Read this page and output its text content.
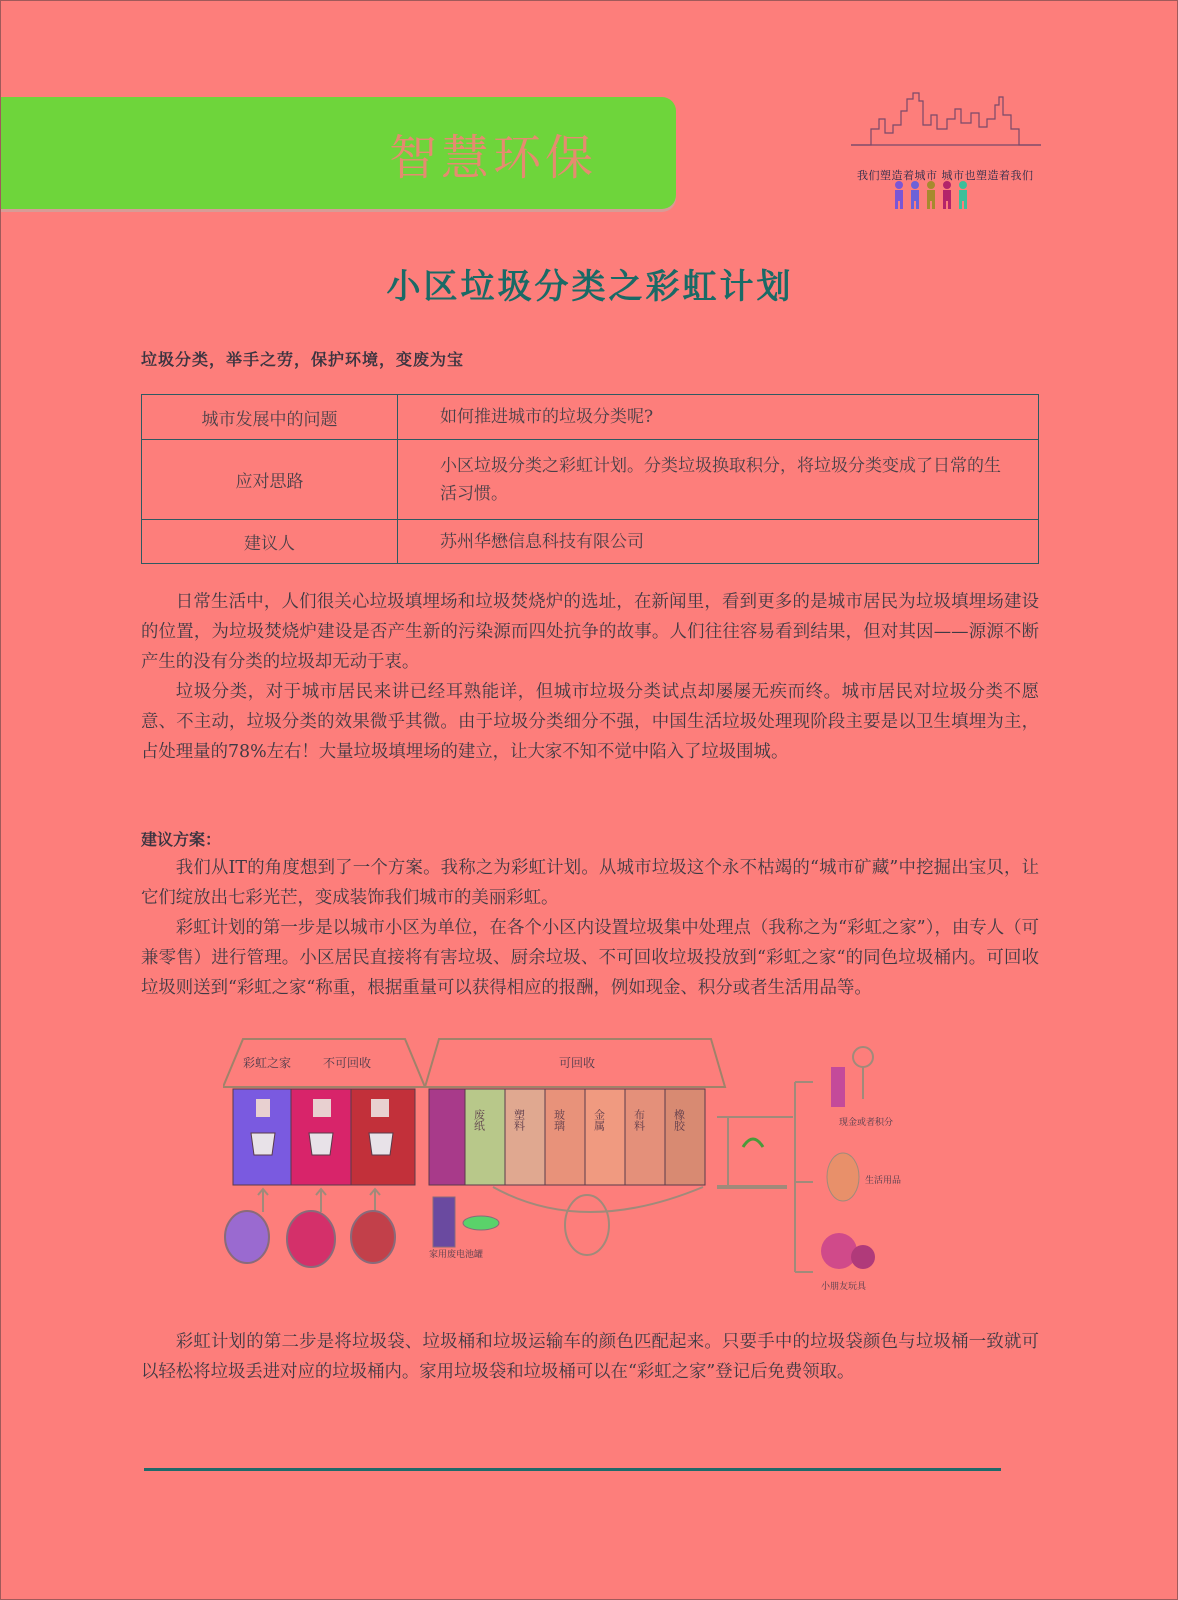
智慧环保	我们塑造着城市 城市也塑造着我们
小区垃圾分类之彩虹计划
垃圾分类，举手之劳，保护环境，变废为宝
城市发展中的问题	如何推进城市的垃圾分类呢?
应对思路	小区垃圾分类之彩虹计划。分类垃圾换取积分，将垃圾分类变成了日常的生活习惯。
建议人	苏州华懋信息科技有限公司

日常生活中，人们很关心垃圾填埋场和垃圾焚烧炉的选址，在新闻里，看到更多的是城市居民为垃圾填埋场建设的位置，为垃圾焚烧炉建设是否产生新的污染源而四处抗争的故事。人们往往容易看到结果，但对其因——源源不断产生的没有分类的垃圾却无动于衷。

垃圾分类，对于城市居民来讲已经耳熟能详，但城市垃圾分类试点却屡屡无疾而终。城市居民对垃圾分类不愿意、不主动，垃圾分类的效果微乎其微。由于垃圾分类细分不强，中国生活垃圾处理现阶段主要是以卫生填埋为主，占处理量的78%左右！大量垃圾填埋场的建立，让大家不知不觉中陷入了垃圾围城。

建议方案：

我们从IT的角度想到了一个方案。我称之为彩虹计划。从城市垃圾这个永不枯竭的“城市矿藏”中挖掘出宝贝，让它们绽放出七彩光芒，变成装饰我们城市的美丽彩虹。

彩虹计划的第一步是以城市小区为单位，在各个小区内设置垃圾集中处理点（我称之为“彩虹之家”），由专人（可兼零售）进行管理。小区居民直接将有害垃圾、厨余垃圾、不可回收垃圾投放到“彩虹之家“的同色垃圾桶内。可回收垃圾则送到“彩虹之家“称重，根据重量可以获得相应的报酬，例如现金、积分或者生活用品等。

彩虹之家	不可回收	可回收
废纸 塑料 玻璃 金属 布料 橡胶
家用废电池罐
现金或者积分
生活用品
小朋友玩具

彩虹计划的第二步是将垃圾袋、垃圾桶和垃圾运输车的颜色匹配起来。只要手中的垃圾袋颜色与垃圾桶一致就可以轻松将垃圾丢进对应的垃圾桶内。家用垃圾袋和垃圾桶可以在“彩虹之家”登记后免费领取。
